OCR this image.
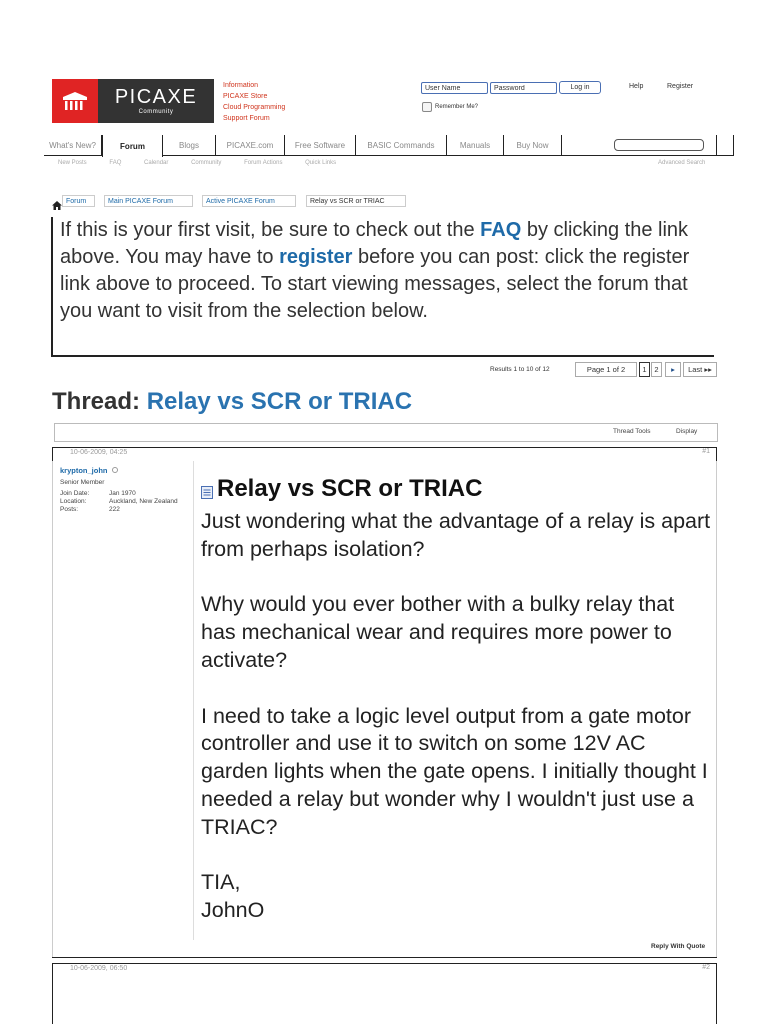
PICAXE
Community
Information
PICAXE Store
Cloud Programming
Support Forum
User Name
Password
Log in
Remember Me?
Help	Register
What's New?	Forum	Blogs	PICAXE.com	Free Software	BASIC Commands	Manuals	Buy Now
New Posts	FAQ	Calendar	Community	Forum Actions	Quick Links	Advanced Search
Forum	Main PICAXE Forum	Active PICAXE Forum	Relay vs SCR or TRIAC
If this is your first visit, be sure to check out the FAQ by clicking the link above. You may have to register before you can post: click the register link above to proceed. To start viewing messages, select the forum that you want to visit from the selection below.
Results 1 to 10 of 12	Page 1 of 2	1	2	▸	Last ▸▸
Thread: Relay vs SCR or TRIAC
Thread Tools	Display
10-06-2009, 04:25	#1
krypton_john
Senior Member
Join Date:	Jan 1970
Location:	Auckland, New Zealand
Posts:	222
Relay vs SCR or TRIAC

Just wondering what the advantage of a relay is apart from perhaps isolation?

Why would you ever bother with a bulky relay that has mechanical wear and requires more power to activate?

I need to take a logic level output from a gate motor controller and use it to switch on some 12V AC garden lights when the gate opens. I initially thought I needed a relay but wonder why I wouldn't just use a TRIAC?

TIA,
JohnO
Reply With Quote
10-06-2009, 06:50	#2
